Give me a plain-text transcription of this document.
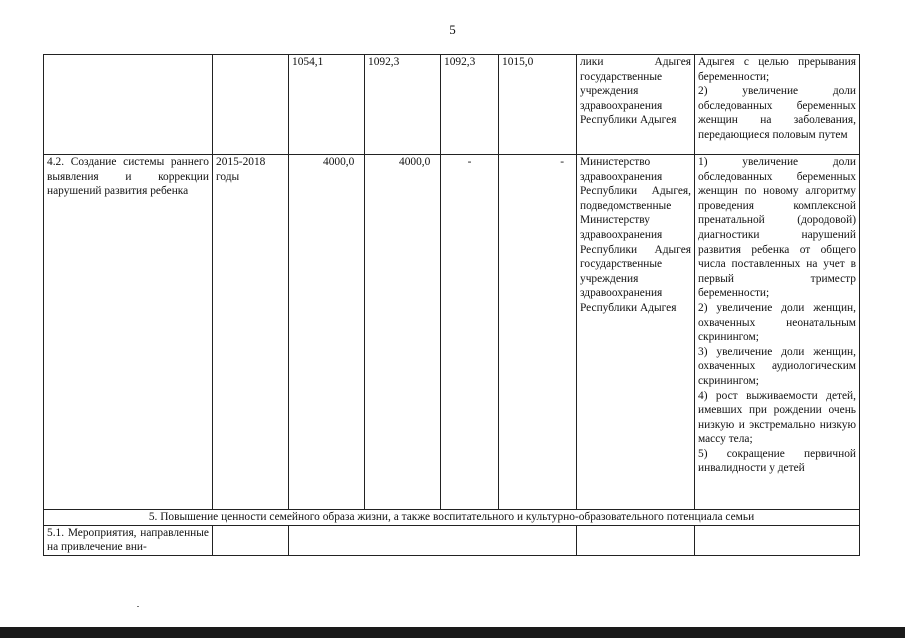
5
		1054,1	1092,3	1092,3	1015,0	лики Адыгея государственные учреждения здравоохранения Республики Адыгея	Адыгея с целью прерывания беременности;
2) увеличение доли обследованных беременных женщин на заболевания, передающиеся половым путем
4.2. Создание системы раннего выявления и коррекции нарушений развития ребенка	2015-2018 годы	4000,0	4000,0	-	-	Министерство здравоохранения Республики Адыгея, подведомственные Министерству здравоохранения Республики Адыгея государственные учреждения здравоохранения Республики Адыгея	1) увеличение доли обследованных беременных женщин по новому алгоритму проведения комплексной пренатальной (дородовой) диагностики нарушений развития ребенка от общего числа поставленных на учет в первый триместр беременности;
2) увеличение доли женщин, охваченных неонатальным скринингом;
3) увеличение доли женщин, охваченных аудиологическим скринингом;
4) рост выживаемости детей, имевших при рождении очень низкую и экстремально низкую массу тела;
5) сокращение первичной инвалидности у детей
5. Повышение ценности семейного образа жизни, а также воспитательного и культурно-образовательного потенциала семьи							
5.1. Мероприятия, направленные на привлечение вни-							
